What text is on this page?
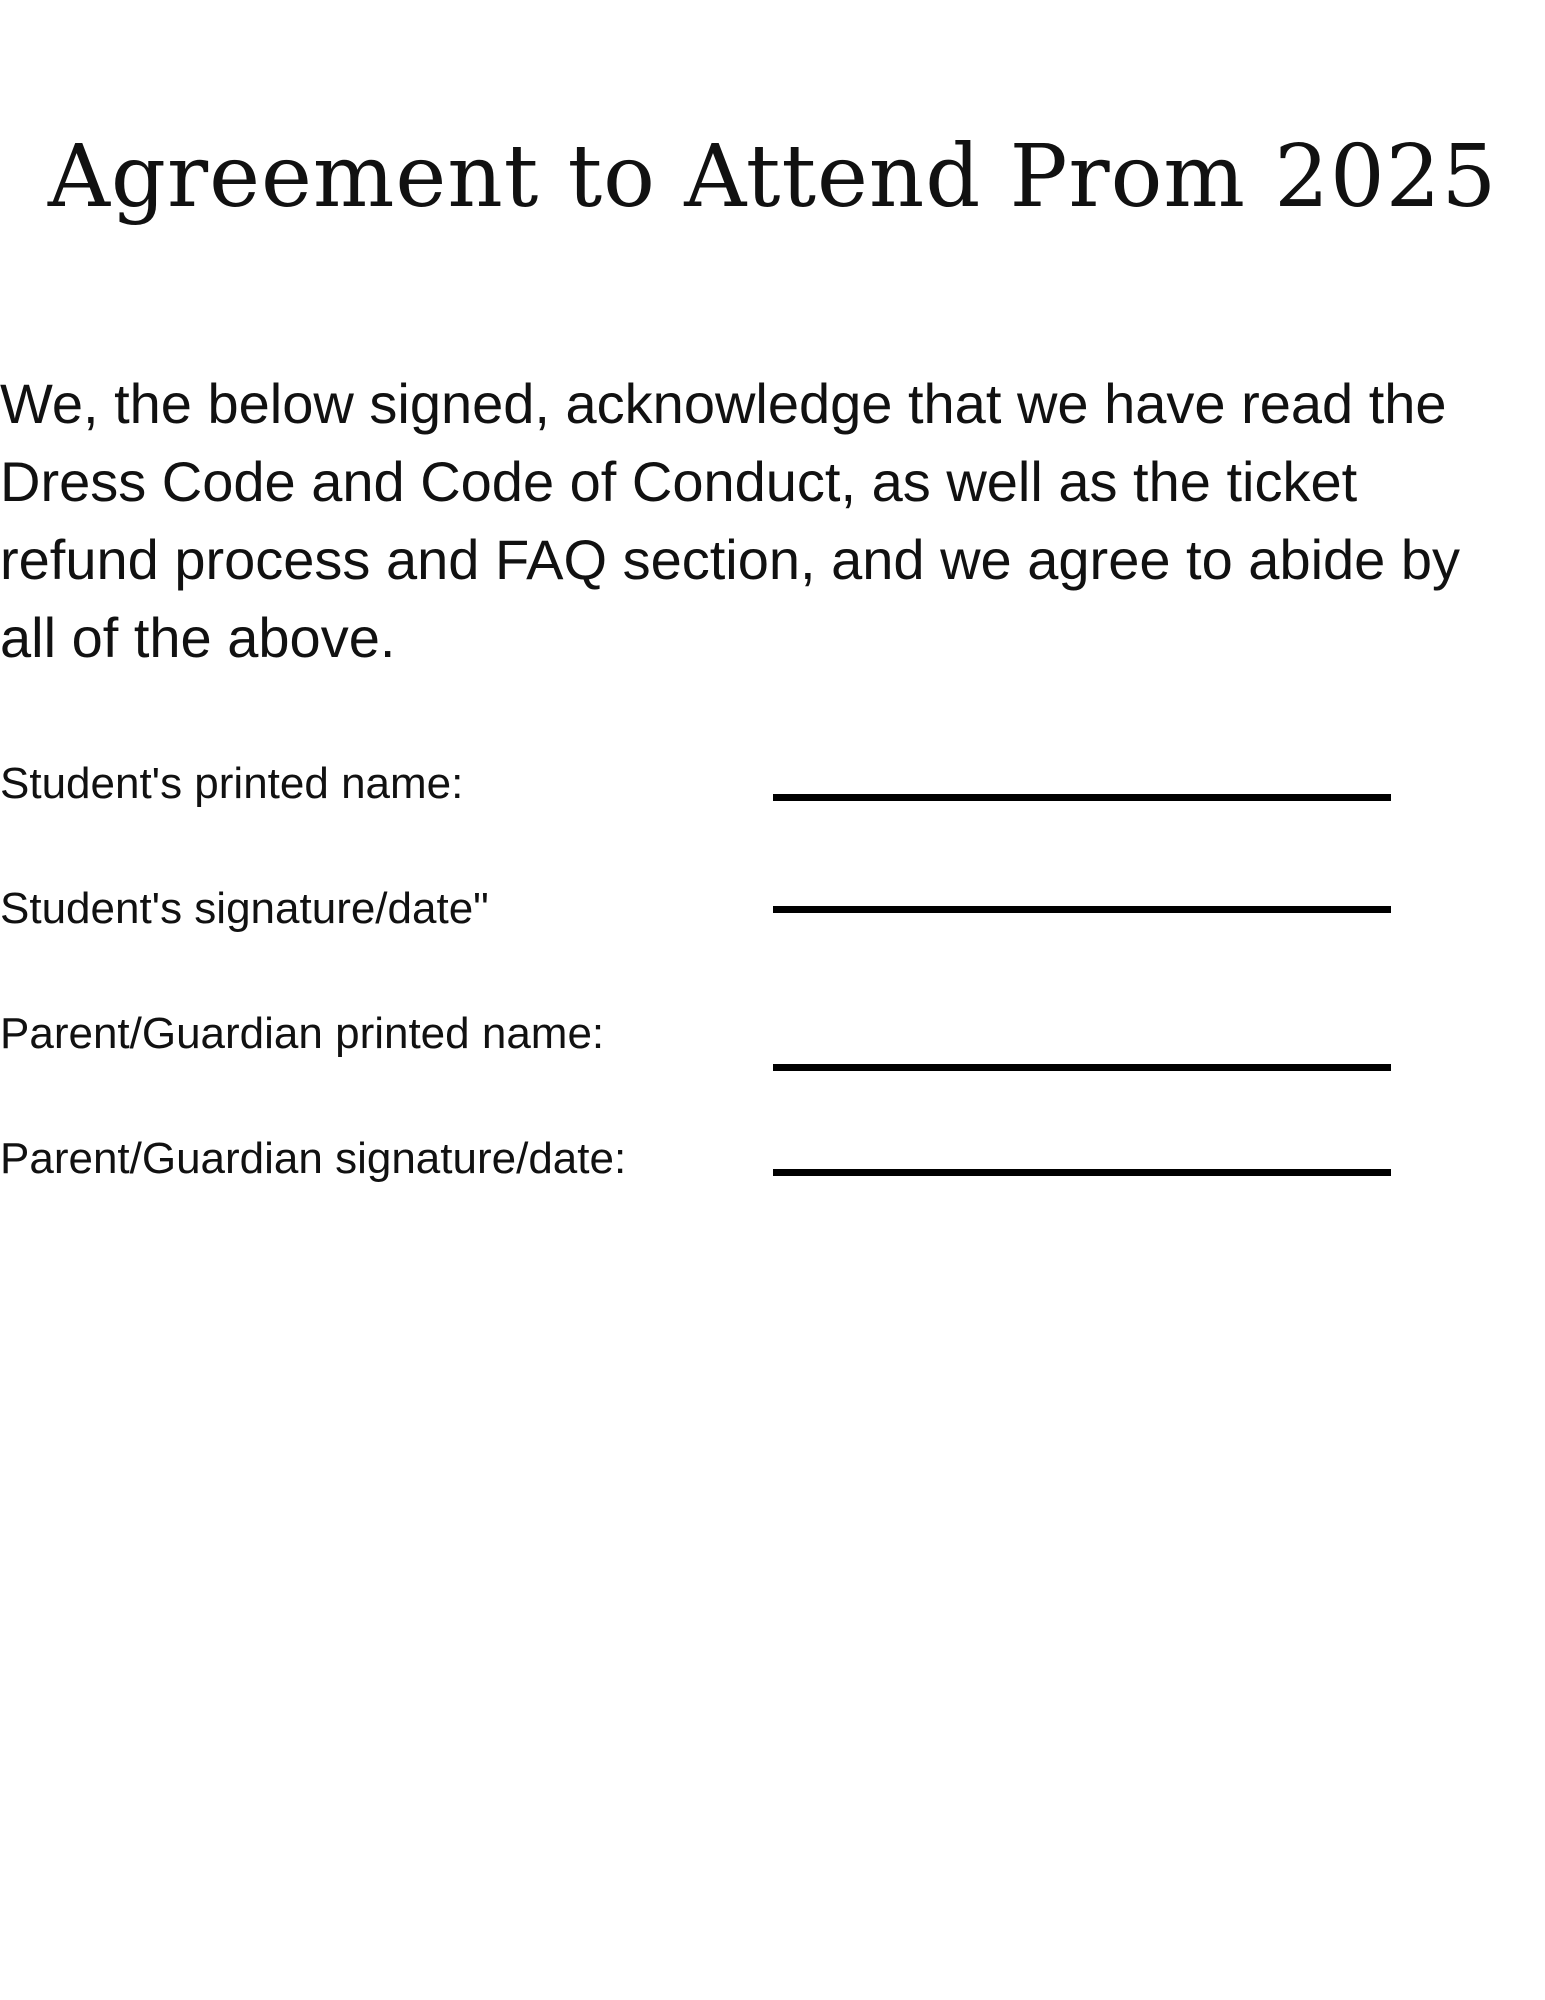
Agreement to Attend Prom 2025

We, the below signed, acknowledge that we have read the Dress Code and Code of Conduct, as well as the ticket refund process and FAQ section, and we agree to abide by all of the above.

Student's printed name:
Student's signature/date"
Parent/Guardian printed name:
Parent/Guardian signature/date:
